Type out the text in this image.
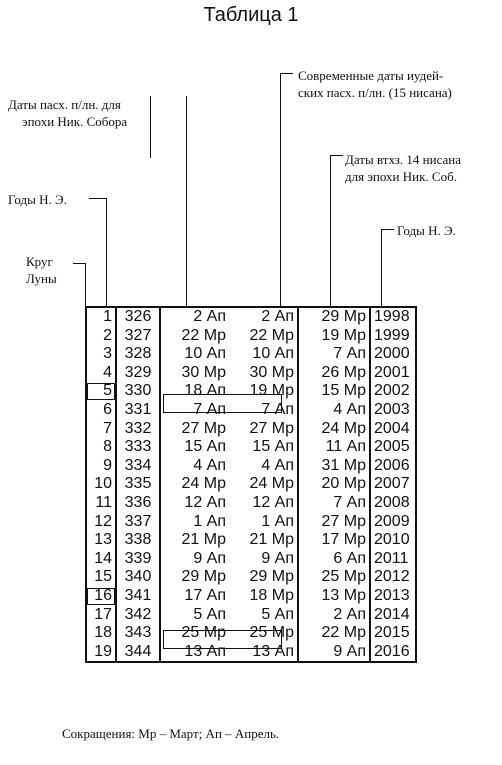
Таблица 1
Современные даты иудей-
ских пасх. п/лн. (15 нисана)
Даты пасх. п/лн. для
эпохи Ник. Собора
Даты втхз. 14 нисана
для эпохи Ник. Соб.
Годы Н. Э.
Годы Н. Э.
Круг
Луны
1	326	2 Ап	2 Ап	29 Мр	1998
2	327	22 Мр	22 Мр	19 Мр	1999
3	328	10 Ап	10 Ап	7 Ап	2000
4	329	30 Мр	30 Мр	26 Мр	2001
5	330	18 Ап	19 Мр	15 Мр	2002
6	331	7 Ап	7 Ап	4 Ап	2003
7	332	27 Мр	27 Мр	24 Мр	2004
8	333	15 Ап	15 Ап	11 Ап	2005
9	334	4 Ап	4 Ап	31 Мр	2006
10	335	24 Мр	24 Мр	20 Мр	2007
11	336	12 Ап	12 Ап	7 Ап	2008
12	337	1 Ап	1 Ап	27 Мр	2009
13	338	21 Мр	21 Мр	17 Мр	2010
14	339	9 Ап	9 Ап	6 Ап	2011
15	340	29 Мр	29 Мр	25 Мр	2012
16	341	17 Ап	18 Мр	13 Мр	2013
17	342	5 Ап	5 Ап	2 Ап	2014
18	343	25 Мр	25 Мр	22 Мр	2015
19	344	13 Ап	13 Ап	9 Ап	2016
Сокращения: Мр – Март; Ап – Апрель.
